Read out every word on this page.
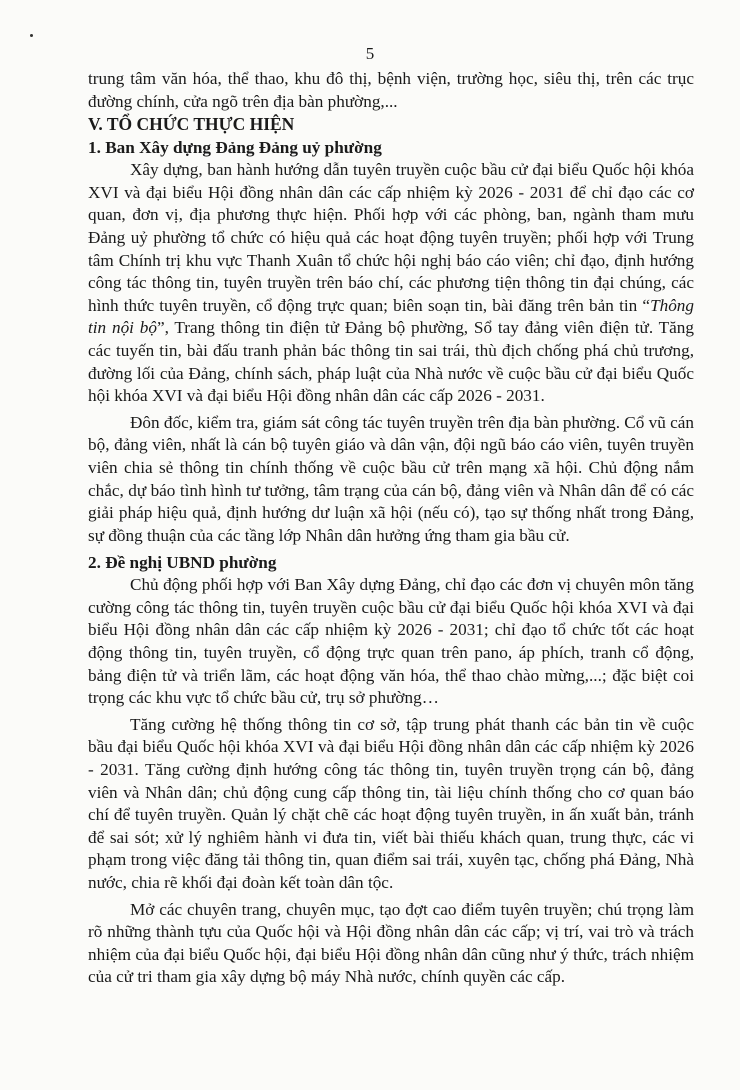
5

trung tâm văn hóa, thể thao, khu đô thị, bệnh viện, trường học, siêu thị, trên các trục đường chính, cửa ngõ trên địa bàn phường,...

V. TỔ CHỨC THỰC HIỆN

1. Ban Xây dựng Đảng Đảng uỷ phường

Xây dựng, ban hành hướng dẫn tuyên truyền cuộc bầu cử đại biểu Quốc hội khóa XVI và đại biểu Hội đồng nhân dân các cấp nhiệm kỳ 2026 - 2031 để chỉ đạo các cơ quan, đơn vị, địa phương thực hiện. Phối hợp với các phòng, ban, ngành tham mưu Đảng uỷ phường tổ chức có hiệu quả các hoạt động tuyên truyền; phối hợp với Trung tâm Chính trị khu vực Thanh Xuân tổ chức hội nghị báo cáo viên; chỉ đạo, định hướng công tác thông tin, tuyên truyền trên báo chí, các phương tiện thông tin đại chúng, các hình thức tuyên truyền, cổ động trực quan; biên soạn tin, bài đăng trên bản tin “Thông tin nội bộ”, Trang thông tin điện tử Đảng bộ phường, Sổ tay đảng viên điện tử. Tăng các tuyến tin, bài đấu tranh phản bác thông tin sai trái, thù địch chống phá chủ trương, đường lối của Đảng, chính sách, pháp luật của Nhà nước về cuộc bầu cử đại biểu Quốc hội khóa XVI và đại biểu Hội đồng nhân dân các cấp 2026 - 2031.

Đôn đốc, kiểm tra, giám sát công tác tuyên truyền trên địa bàn phường. Cổ vũ cán bộ, đảng viên, nhất là cán bộ tuyên giáo và dân vận, đội ngũ báo cáo viên, tuyên truyền viên chia sẻ thông tin chính thống về cuộc bầu cử trên mạng xã hội. Chủ động nắm chắc, dự báo tình hình tư tưởng, tâm trạng của cán bộ, đảng viên và Nhân dân để có các giải pháp hiệu quả, định hướng dư luận xã hội (nếu có), tạo sự thống nhất trong Đảng, sự đồng thuận của các tầng lớp Nhân dân hưởng ứng tham gia bầu cử.

2. Đề nghị UBND phường

Chủ động phối hợp với Ban Xây dựng Đảng, chỉ đạo các đơn vị chuyên môn tăng cường công tác thông tin, tuyên truyền cuộc bầu cử đại biểu Quốc hội khóa XVI và đại biểu Hội đồng nhân dân các cấp nhiệm kỳ 2026 - 2031; chỉ đạo tổ chức tốt các hoạt động thông tin, tuyên truyền, cổ động trực quan trên pano, áp phích, tranh cổ động, bảng điện tử và triển lãm, các hoạt động văn hóa, thể thao chào mừng,...; đặc biệt coi trọng các khu vực tổ chức bầu cử, trụ sở phường…

Tăng cường hệ thống thông tin cơ sở, tập trung phát thanh các bản tin về cuộc bầu đại biểu Quốc hội khóa XVI và đại biểu Hội đồng nhân dân các cấp nhiệm kỳ 2026 - 2031. Tăng cường định hướng công tác thông tin, tuyên truyền trọng cán bộ, đảng viên và Nhân dân; chủ động cung cấp thông tin, tài liệu chính thống cho cơ quan báo chí để tuyên truyền. Quản lý chặt chẽ các hoạt động tuyên truyền, in ấn xuất bản, tránh để sai sót; xử lý nghiêm hành vi đưa tin, viết bài thiếu khách quan, trung thực, các vi phạm trong việc đăng tải thông tin, quan điểm sai trái, xuyên tạc, chống phá Đảng, Nhà nước, chia rẽ khối đại đoàn kết toàn dân tộc.

Mở các chuyên trang, chuyên mục, tạo đợt cao điểm tuyên truyền; chú trọng làm rõ những thành tựu của Quốc hội và Hội đồng nhân dân các cấp; vị trí, vai trò và trách nhiệm của đại biểu Quốc hội, đại biểu Hội đồng nhân dân cũng như ý thức, trách nhiệm của cử tri tham gia xây dựng bộ máy Nhà nước, chính quyền các cấp.
